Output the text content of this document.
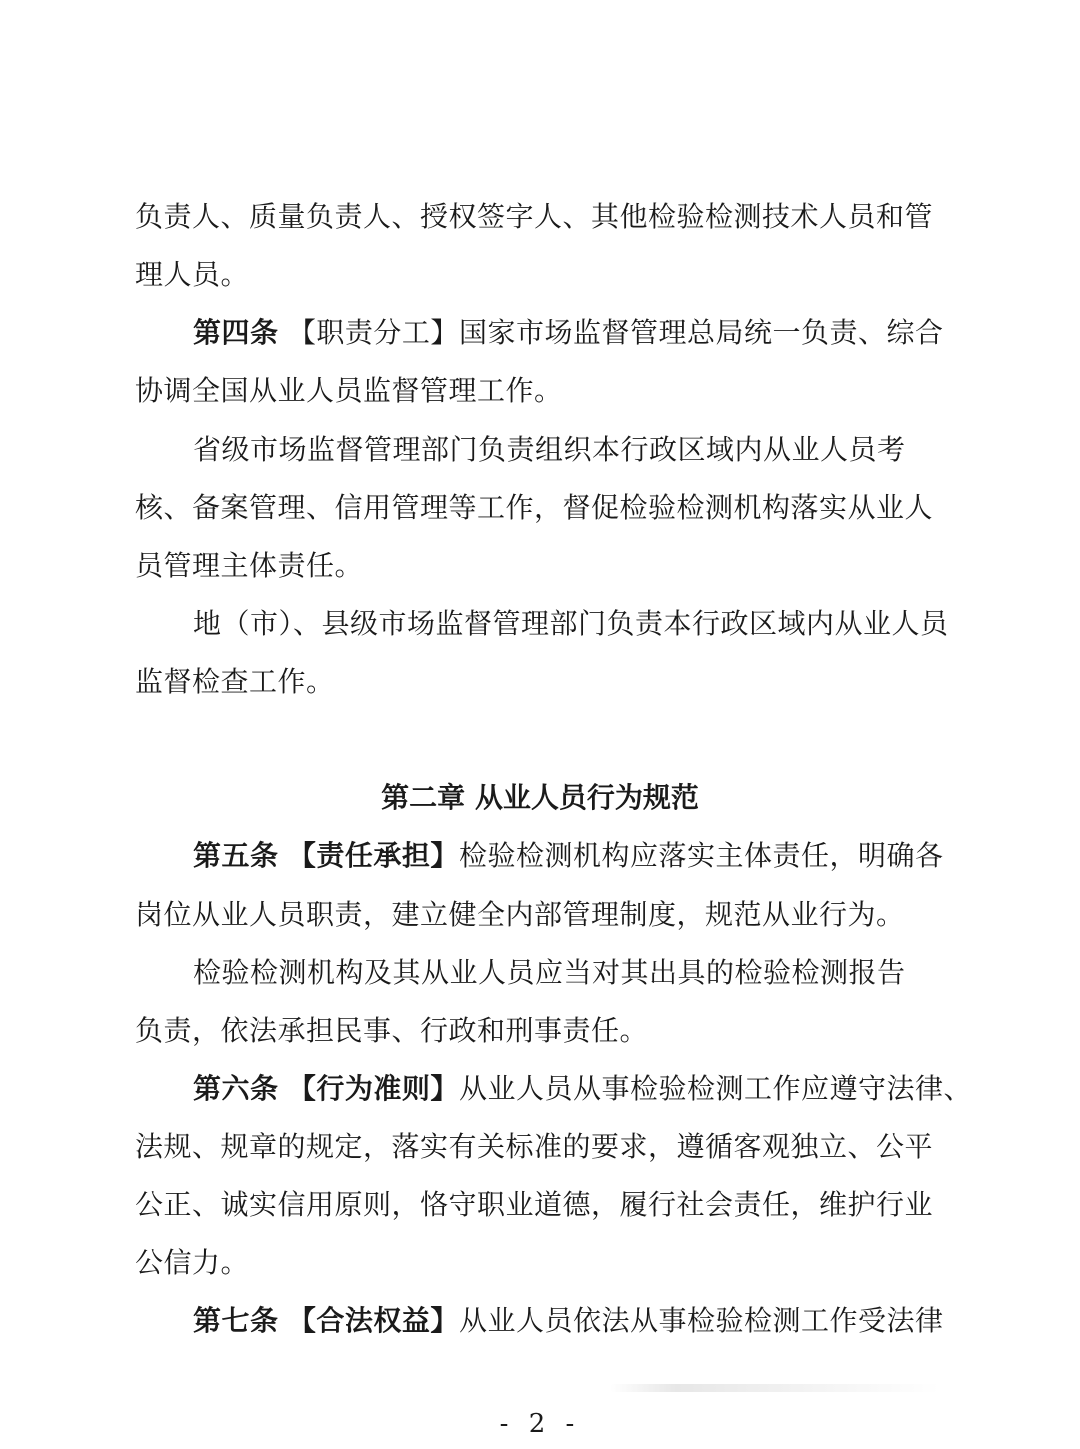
负责人、质量负责人、授权签字人、其他检验检测技术人员和管
理人员。
第四条 【职责分工】国家市场监督管理总局统一负责、综合
协调全国从业人员监督管理工作。
省级市场监督管理部门负责组织本行政区域内从业人员考
核、备案管理、信用管理等工作，督促检验检测机构落实从业人
员管理主体责任。
地（市）、县级市场监督管理部门负责本行政区域内从业人员
监督检查工作。
第二章 从业人员行为规范
第五条 【责任承担】检验检测机构应落实主体责任，明确各
岗位从业人员职责，建立健全内部管理制度，规范从业行为。
检验检测机构及其从业人员应当对其出具的检验检测报告
负责，依法承担民事、行政和刑事责任。
第六条 【行为准则】从业人员从事检验检测工作应遵守法律、
法规、规章的规定，落实有关标准的要求，遵循客观独立、公平
公正、诚实信用原则，恪守职业道德，履行社会责任，维护行业
公信力。
第七条 【合法权益】从业人员依法从事检验检测工作受法律
- 2 -
